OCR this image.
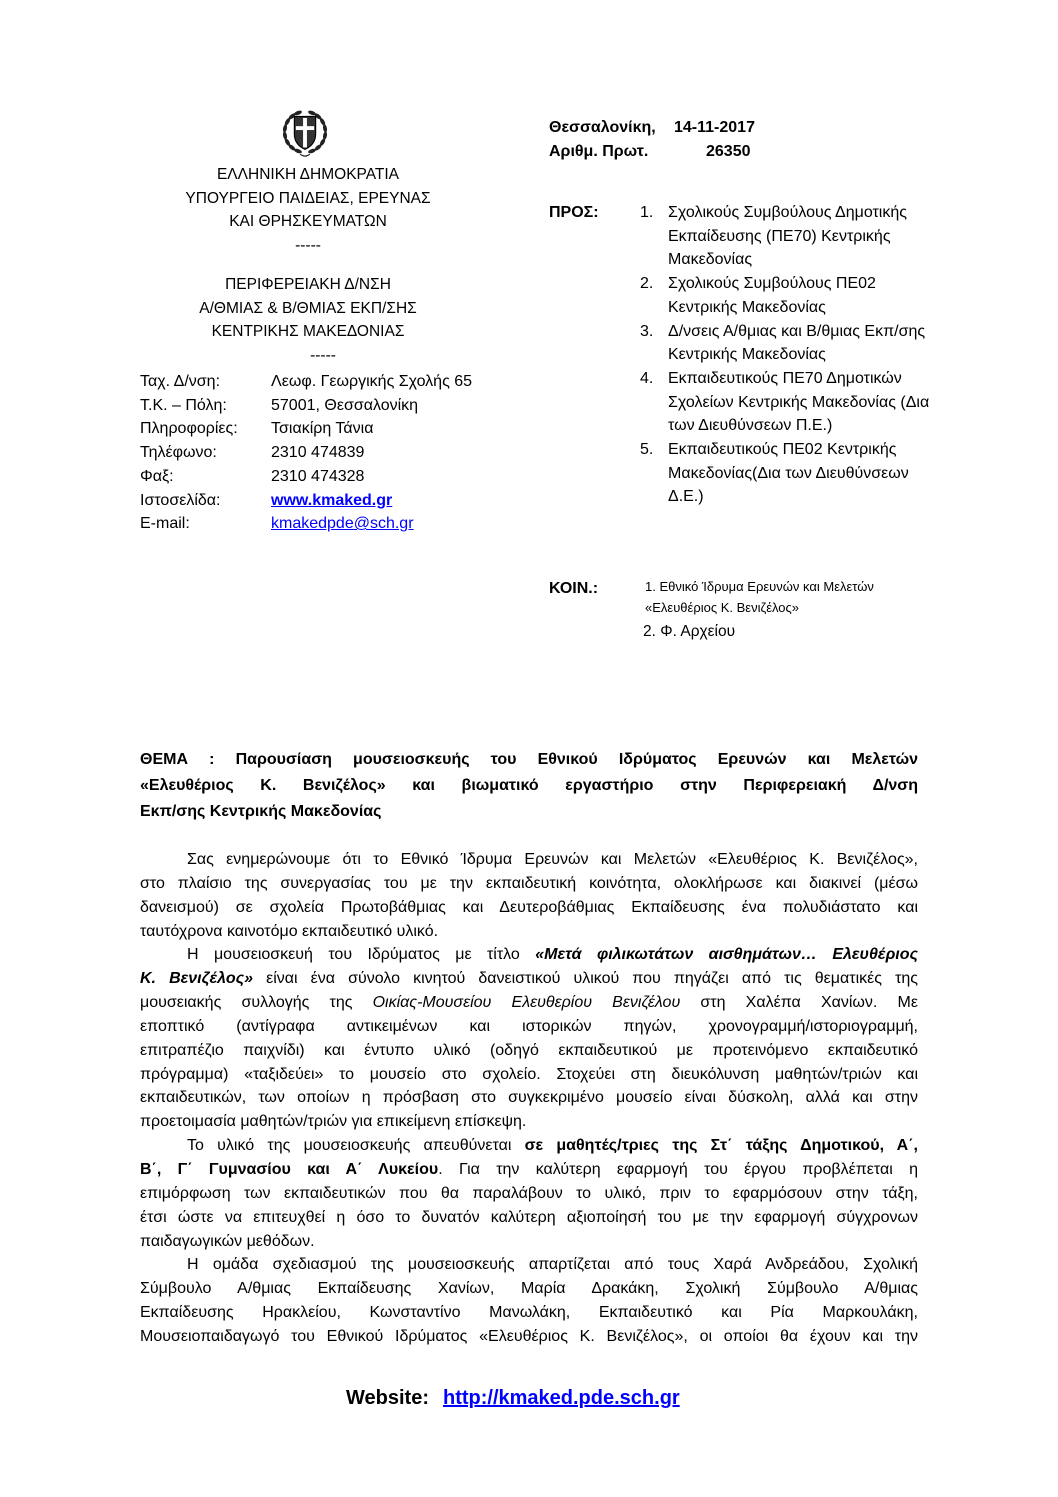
ΕΛΛΗΝΙΚΗ ΔΗΜΟΚΡΑΤΙΑ
ΥΠΟΥΡΓΕΙΟ ΠΑΙΔΕΙΑΣ, ΕΡΕΥΝΑΣ
ΚΑΙ ΘΡΗΣΚΕΥΜΑΤΩΝ
-----
ΠΕΡΙΦΕΡΕΙΑΚΗ Δ/ΝΣΗ
Α/ΘΜΙΑΣ & Β/ΘΜΙΑΣ ΕΚΠ/ΣΗΣ
ΚΕΝΤΡΙΚΗΣ ΜΑΚΕΔΟΝΙΑΣ
-----
Ταχ. Δ/νση:	Λεωφ. Γεωργικής Σχολής 65
Τ.Κ. – Πόλη:	57001, Θεσσαλονίκη
Πληροφορίες:	Τσιακίρη Τάνια
Τηλέφωνο:	2310 474839
Φαξ:	2310 474328
Ιστοσελίδα:	www.kmaked.gr
E-mail:	kmakedpde@sch.gr
Θεσσαλονίκη, 14-11-2017
Αριθμ. Πρωτ.	26350
ΠΡΟΣ:	1. Σχολικούς Συμβούλους Δημοτικής
Εκπαίδευσης (ΠΕ70) Κεντρικής
Μακεδονίας
2. Σχολικούς Συμβούλους ΠΕ02
Κεντρικής Μακεδονίας
3. Δ/νσεις Α/θμιας και Β/θμιας Εκπ/σης
Κεντρικής Μακεδονίας
4. Εκπαιδευτικούς ΠΕ70 Δημοτικών
Σχολείων Κεντρικής Μακεδονίας (Δια
των Διευθύνσεων Π.Ε.)
5. Εκπαιδευτικούς ΠΕ02 Κεντρικής
Μακεδονίας(Δια των Διευθύνσεων
Δ.Ε.)
ΚΟΙΝ.:	1. Εθνικό Ίδρυμα Ερευνών και Μελετών
«Ελευθέριος Κ. Βενιζέλος»
2. Φ. Αρχείου
ΘΕΜΑ : Παρουσίαση μουσειοσκευής του Εθνικού Ιδρύματος Ερευνών και Μελετών
«Ελευθέριος Κ. Βενιζέλος» και βιωματικό εργαστήριο στην Περιφερειακή Δ/νση
Εκπ/σης Κεντρικής Μακεδονίας
Σας ενημερώνουμε ότι το Εθνικό Ίδρυμα Ερευνών και Μελετών «Ελευθέριος Κ. Βενιζέλος»,
στο πλαίσιο της συνεργασίας του με την εκπαιδευτική κοινότητα, ολοκλήρωσε και διακινεί (μέσω
δανεισμού) σε σχολεία Πρωτοβάθμιας και Δευτεροβάθμιας Εκπαίδευσης ένα πολυδιάστατο και
ταυτόχρονα καινοτόμο εκπαιδευτικό υλικό.
Η μουσειοσκευή του Ιδρύματος με τίτλο «Μετά φιλικωτάτων αισθημάτων… Ελευθέριος
Κ. Βενιζέλος» είναι ένα σύνολο κινητού δανειστικού υλικού που πηγάζει από τις θεματικές της
μουσειακής συλλογής της Οικίας-Μουσείου Ελευθερίου Βενιζέλου στη Χαλέπα Χανίων. Με
εποπτικό (αντίγραφα αντικειμένων και ιστορικών πηγών, χρονογραμμή/ιστοριογραμμή,
επιτραπέζιο παιχνίδι) και έντυπο υλικό (οδηγό εκπαιδευτικού με προτεινόμενο εκπαιδευτικό
πρόγραμμα) «ταξιδεύει» το μουσείο στο σχολείο. Στοχεύει στη διευκόλυνση μαθητών/τριών και
εκπαιδευτικών, των οποίων η πρόσβαση στο συγκεκριμένο μουσείο είναι δύσκολη, αλλά και στην
προετοιμασία μαθητών/τριών για επικείμενη επίσκεψη.
Το υλικό της μουσειοσκευής απευθύνεται σε μαθητές/τριες της Στ΄ τάξης Δημοτικού, Α΄,
Β΄, Γ΄ Γυμνασίου και Α΄ Λυκείου. Για την καλύτερη εφαρμογή του έργου προβλέπεται η
επιμόρφωση των εκπαιδευτικών που θα παραλάβουν το υλικό, πριν το εφαρμόσουν στην τάξη,
έτσι ώστε να επιτευχθεί η όσο το δυνατόν καλύτερη αξιοποίησή του με την εφαρμογή σύγχρονων
παιδαγωγικών μεθόδων.
Η ομάδα σχεδιασμού της μουσειοσκευής απαρτίζεται από τους Χαρά Ανδρεάδου, Σχολική
Σύμβουλο Α/θμιας Εκπαίδευσης Χανίων, Μαρία Δρακάκη, Σχολική Σύμβουλο Α/θμιας
Εκπαίδευσης Ηρακλείου, Κωνσταντίνο Μανωλάκη, Εκπαιδευτικό και Ρία Μαρκουλάκη,
Μουσειοπαιδαγωγό του Εθνικού Ιδρύματος «Ελευθέριος Κ. Βενιζέλος», οι οποίοι θα έχουν και την
Website: http://kmaked.pde.sch.gr
